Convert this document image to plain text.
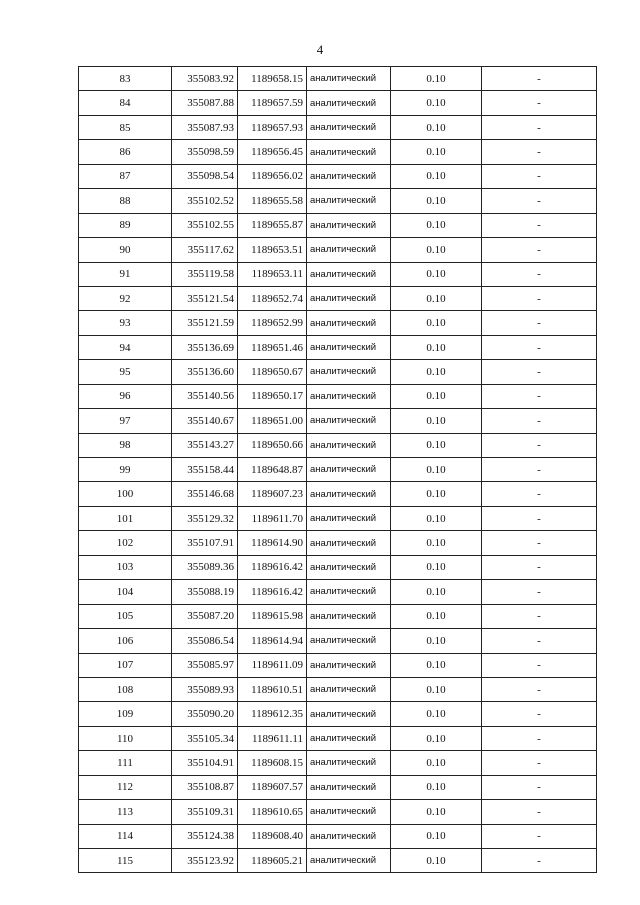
4
83	355083.92	1189658.15	аналитический	0.10	-
84	355087.88	1189657.59	аналитический	0.10	-
85	355087.93	1189657.93	аналитический	0.10	-
86	355098.59	1189656.45	аналитический	0.10	-
87	355098.54	1189656.02	аналитический	0.10	-
88	355102.52	1189655.58	аналитический	0.10	-
89	355102.55	1189655.87	аналитический	0.10	-
90	355117.62	1189653.51	аналитический	0.10	-
91	355119.58	1189653.11	аналитический	0.10	-
92	355121.54	1189652.74	аналитический	0.10	-
93	355121.59	1189652.99	аналитический	0.10	-
94	355136.69	1189651.46	аналитический	0.10	-
95	355136.60	1189650.67	аналитический	0.10	-
96	355140.56	1189650.17	аналитический	0.10	-
97	355140.67	1189651.00	аналитический	0.10	-
98	355143.27	1189650.66	аналитический	0.10	-
99	355158.44	1189648.87	аналитический	0.10	-
100	355146.68	1189607.23	аналитический	0.10	-
101	355129.32	1189611.70	аналитический	0.10	-
102	355107.91	1189614.90	аналитический	0.10	-
103	355089.36	1189616.42	аналитический	0.10	-
104	355088.19	1189616.42	аналитический	0.10	-
105	355087.20	1189615.98	аналитический	0.10	-
106	355086.54	1189614.94	аналитический	0.10	-
107	355085.97	1189611.09	аналитический	0.10	-
108	355089.93	1189610.51	аналитический	0.10	-
109	355090.20	1189612.35	аналитический	0.10	-
110	355105.34	1189611.11	аналитический	0.10	-
111	355104.91	1189608.15	аналитический	0.10	-
112	355108.87	1189607.57	аналитический	0.10	-
113	355109.31	1189610.65	аналитический	0.10	-
114	355124.38	1189608.40	аналитический	0.10	-
115	355123.92	1189605.21	аналитический	0.10	-
